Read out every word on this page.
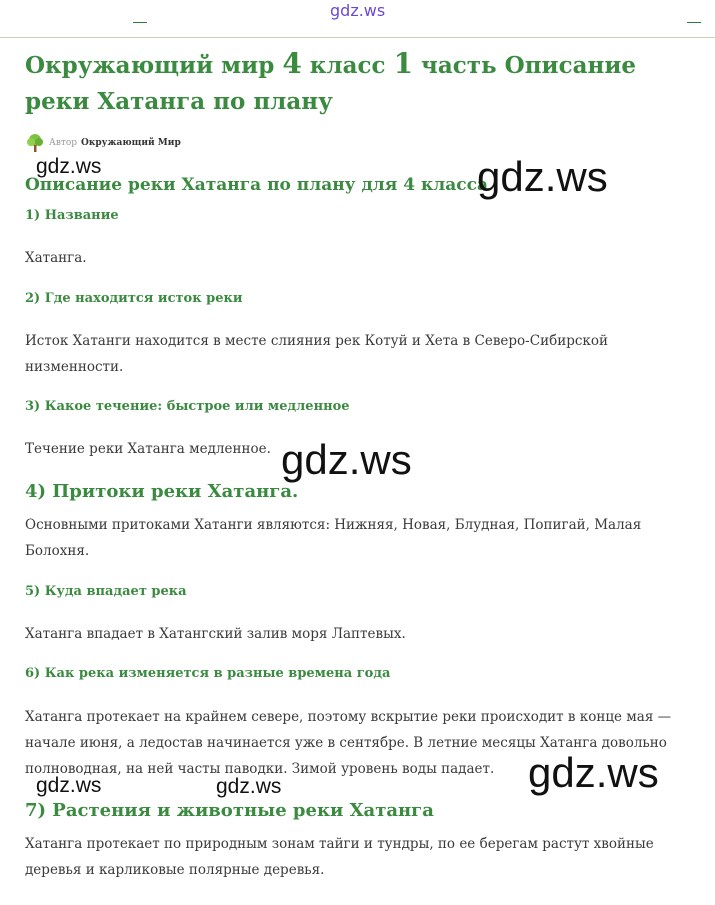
gdz.ws
Окружающий мир 4 класс 1 часть Описание реки Хатанга по плану
Автор Окружающий Мир
gdz.ws
Описание реки Хатанга по плану для 4 класса
gdz.ws
1) Название

Хатанга.

2) Где находится исток реки

Исток Хатанги находится в месте слияния рек Котуй и Хета в Северо-Сибирской низменности.

3) Какое течение: быстрое или медленное

Течение реки Хатанга медленное. gdz.ws
4) Притоки реки Хатанга.

Основными притоками Хатанги являются: Нижняя, Новая, Блудная, Попигай, Малая Болохня.

5) Куда впадает река

Хатанга впадает в Хатангский залив моря Лаптевых.

6) Как река изменяется в разные времена года

Хатанга протекает на крайнем севере, поэтому вскрытие реки происходит в конце мая — начале июня, а ледостав начинается уже в сентябре. В летние месяцы Хатанга довольно полноводная, на ней часты паводки. Зимой уровень воды падает. gdz.ws
gdz.ws	gdz.ws
7) Растения и животные реки Хатанга

Хатанга протекает по природным зонам тайги и тундры, по ее берегам растут хвойные деревья и карликовые полярные деревья.
